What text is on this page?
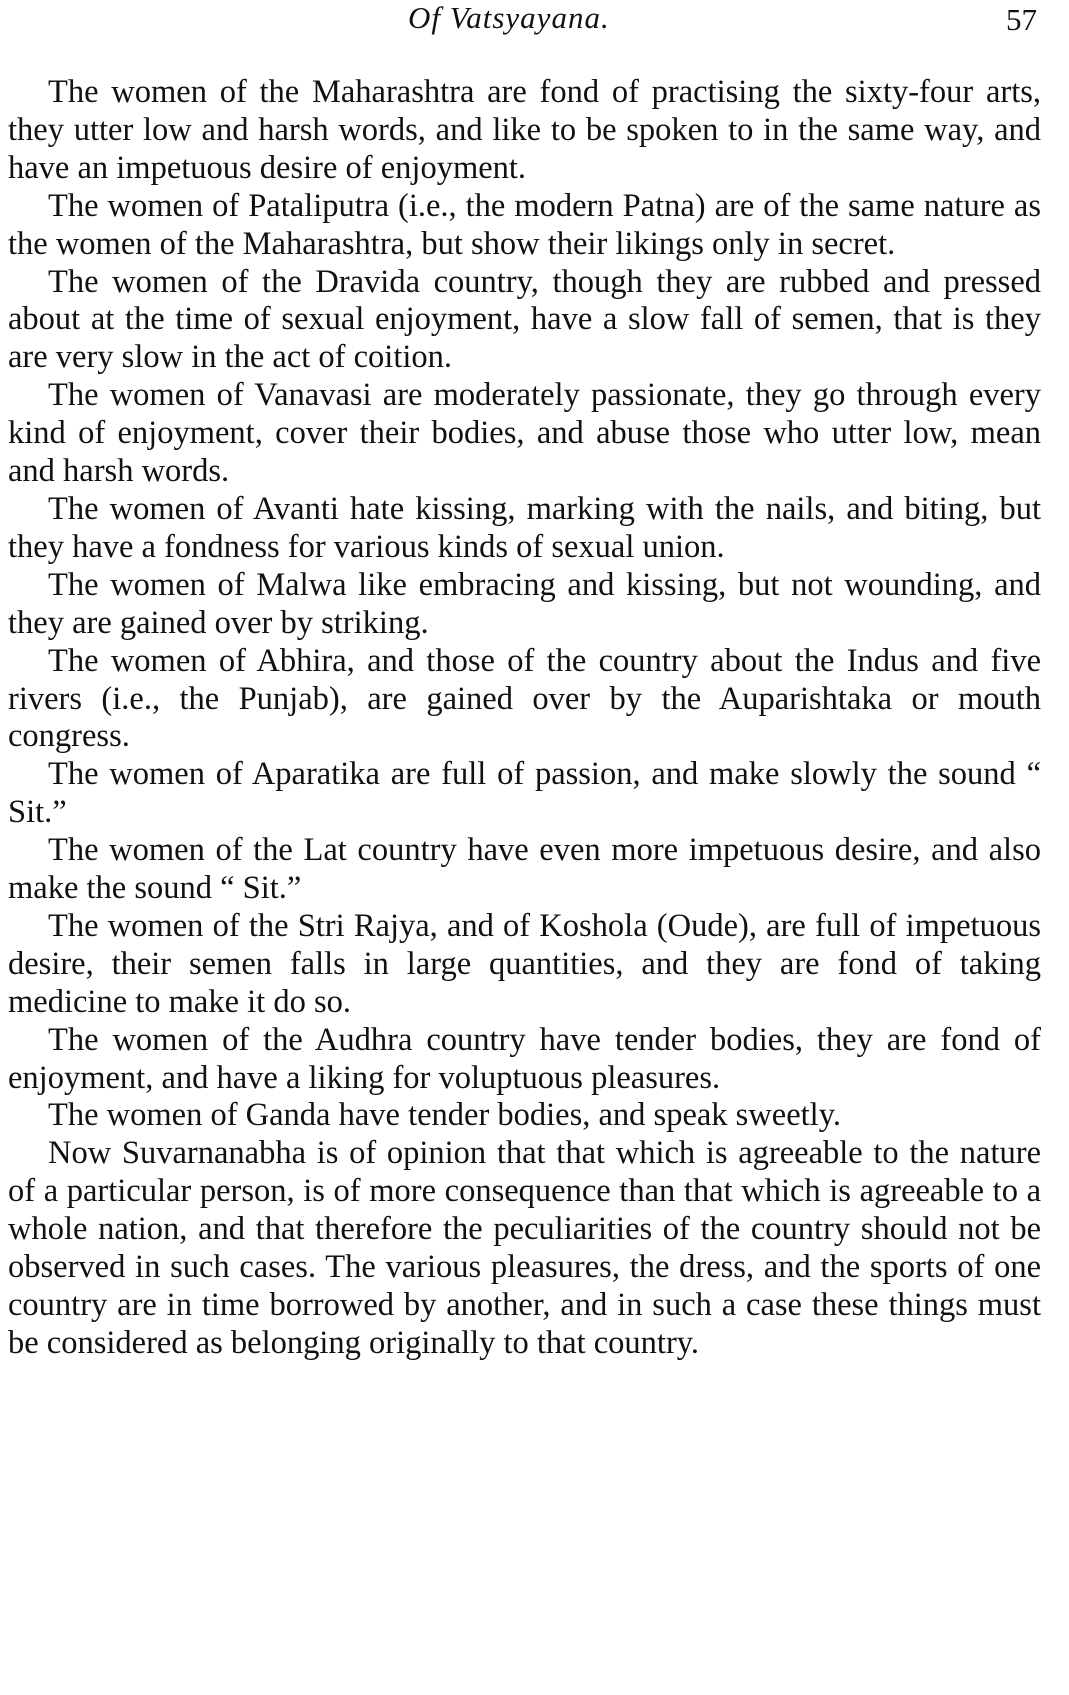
Of Vatsyayana.	57

The women of the Maharashtra are fond of practising the sixty-four arts, they utter low and harsh words, and like to be spoken to in the same way, and have an impetuous desire of enjoyment.

The women of Pataliputra (i.e., the modern Patna) are of the same nature as the women of the Maharashtra, but show their likings only in secret.

The women of the Dravida country, though they are rubbed and pressed about at the time of sexual enjoyment, have a slow fall of semen, that is they are very slow in the act of coition.

The women of Vanavasi are moderately passionate, they go through every kind of enjoyment, cover their bodies, and abuse those who utter low, mean and harsh words.

The women of Avanti hate kissing, marking with the nails, and biting, but they have a fondness for various kinds of sexual union.

The women of Malwa like embracing and kissing, but not wounding, and they are gained over by striking.

The women of Abhira, and those of the country about the Indus and five rivers (i.e., the Punjab), are gained over by the Auparishtaka or mouth congress.

The women of Aparatika are full of passion, and make slowly the sound “ Sit.”

The women of the Lat country have even more impetuous desire, and also make the sound “ Sit.”

The women of the Stri Rajya, and of Koshola (Oude), are full of impetuous desire, their semen falls in large quantities, and they are fond of taking medicine to make it do so.

The women of the Audhra country have tender bodies, they are fond of enjoyment, and have a liking for voluptuous pleasures.

The women of Ganda have tender bodies, and speak sweetly.

Now Suvarnanabha is of opinion that that which is agreeable to the nature of a particular person, is of more consequence than that which is agreeable to a whole nation, and that therefore the peculiarities of the country should not be observed in such cases. The various pleasures, the dress, and the sports of one country are in time borrowed by another, and in such a case these things must be considered as belonging originally to that country.
